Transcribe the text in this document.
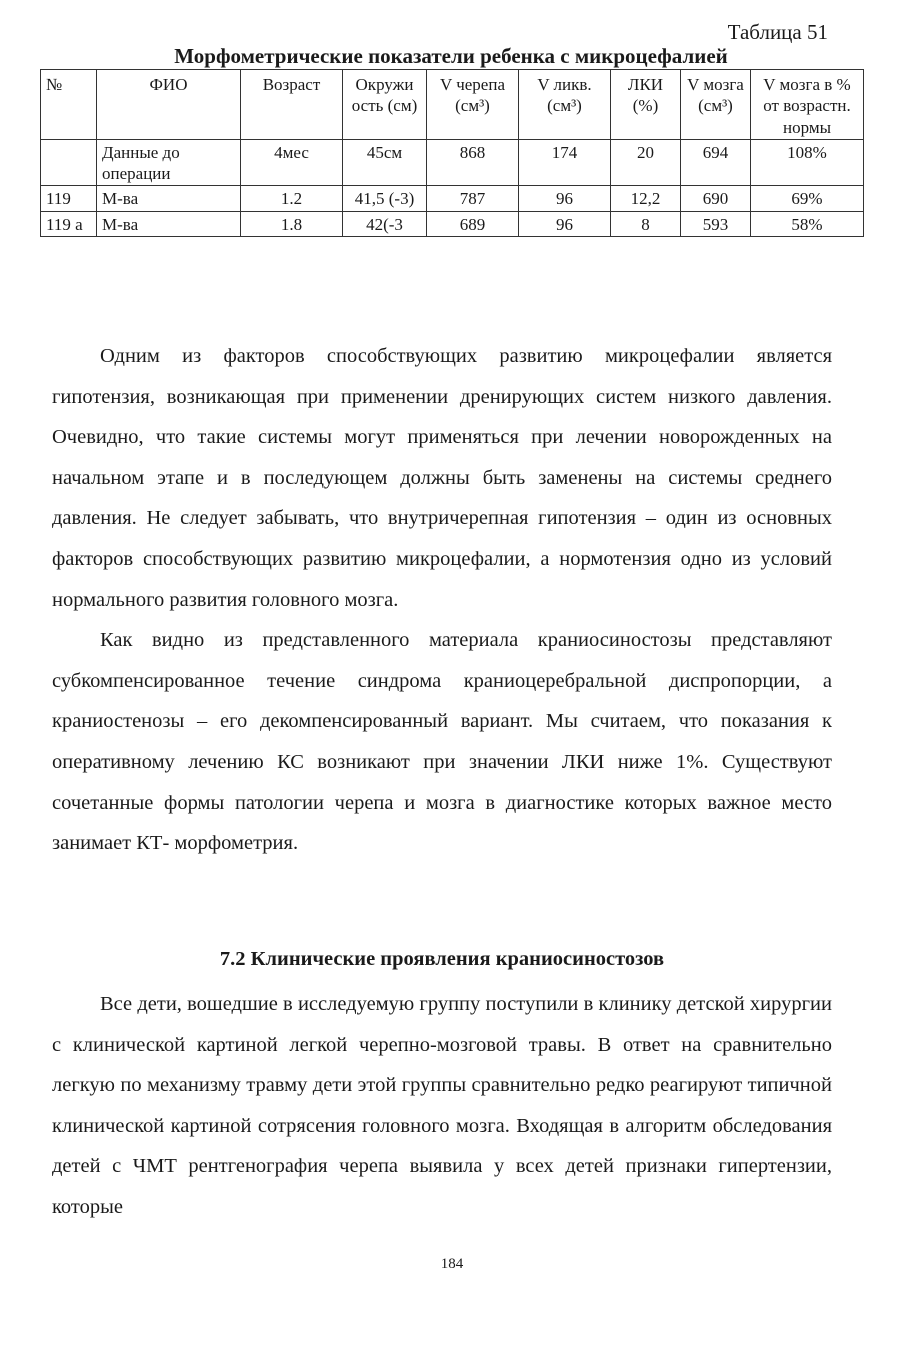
Таблица 51
Морфометрические показатели ребенка с микроцефалией
№	ФИО	Возраст	Окружи ость (см)	V черепа (см³)	V ликв. (см³)	ЛКИ (%)	V мозга (см³)	V мозга в % от возрастн. нормы
	Данные до операции	4мес	45см	868	174	20	694	108%
119	М-ва	1.2	41,5 (-3)	787	96	12,2	690	69%
119 а	М-ва	1.8	42(-3	689	96	8	593	58%

Одним из факторов способствующих развитию микроцефалии является гипотензия, возникающая при применении дренирующих систем низкого давления. Очевидно, что такие системы могут применяться при лечении новорожденных на начальном этапе и в последующем должны быть заменены на системы среднего давления. Не следует забывать, что внутричерепная гипотензия – один из основных факторов способствующих развитию микроцефалии, а нормотензия одно из условий нормального развития головного мозга.

Как видно из представленного материала краниосиностозы представляют субкомпенсированное течение синдрома краниоцеребральной диспропорции, а краниостенозы – его декомпенсированный вариант. Мы считаем, что показания к оперативному лечению КС возникают при значении ЛКИ ниже 1%. Существуют сочетанные формы патологии черепа и мозга в диагностике которых важное место занимает КТ- морфометрия.

7.2 Клинические проявления краниосиностозов

Все дети, вошедшие в исследуемую группу поступили в клинику детской хирургии с клинической картиной легкой черепно-мозговой травы. В ответ на сравнительно легкую по механизму травму дети этой группы сравнительно редко реагируют типичной клинической картиной сотрясения головного мозга. Входящая в алгоритм обследования детей с ЧМТ рентгенография черепа выявила у всех детей признаки гипертензии, которые

184
